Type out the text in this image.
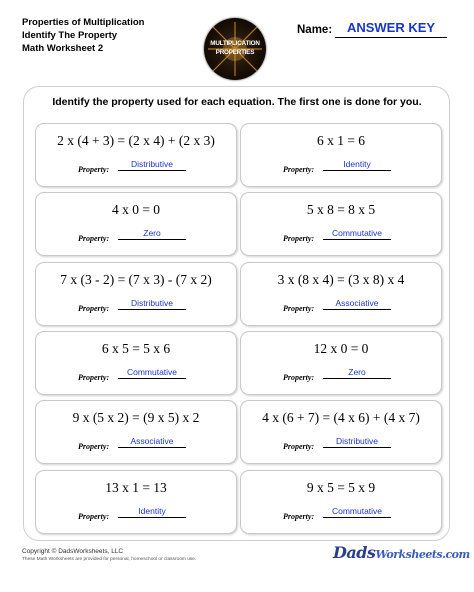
Properties of Multiplication
Identify The Property
Math Worksheet 2	MULTIPLICATION
PROPERTIES
Name:	ANSWER KEY
Identify the property used for each equation. The first one is done for you.
2 x (4 + 3) = (2 x 4) + (2 x 3)
Property:
Distributive
6 x 1 = 6
Property:
Identity
4 x 0 = 0
Property:
Zero
5 x 8 = 8 x 5
Property:
Commutative
7 x (3 - 2) = (7 x 3) - (7 x 2)
Property:
Distributive
3 x (8 x 4) = (3 x 8) x 4
Property:
Associative
6 x 5 = 5 x 6
Property:
Commutative
12 x 0 = 0
Property:
Zero
9 x (5 x 2) = (9 x 5) x 2
Property:
Associative
4 x (6 + 7) = (4 x 6) + (4 x 7)
Property:
Distributive
13 x 1 = 13
Property:
Identity
9 x 5 = 5 x 9
Property:
Commutative
Copyright © DadsWorksheets, LLC
These Math Worksheets are provided for personal, homeschool or classroom use.	DadsWorksheets.com
